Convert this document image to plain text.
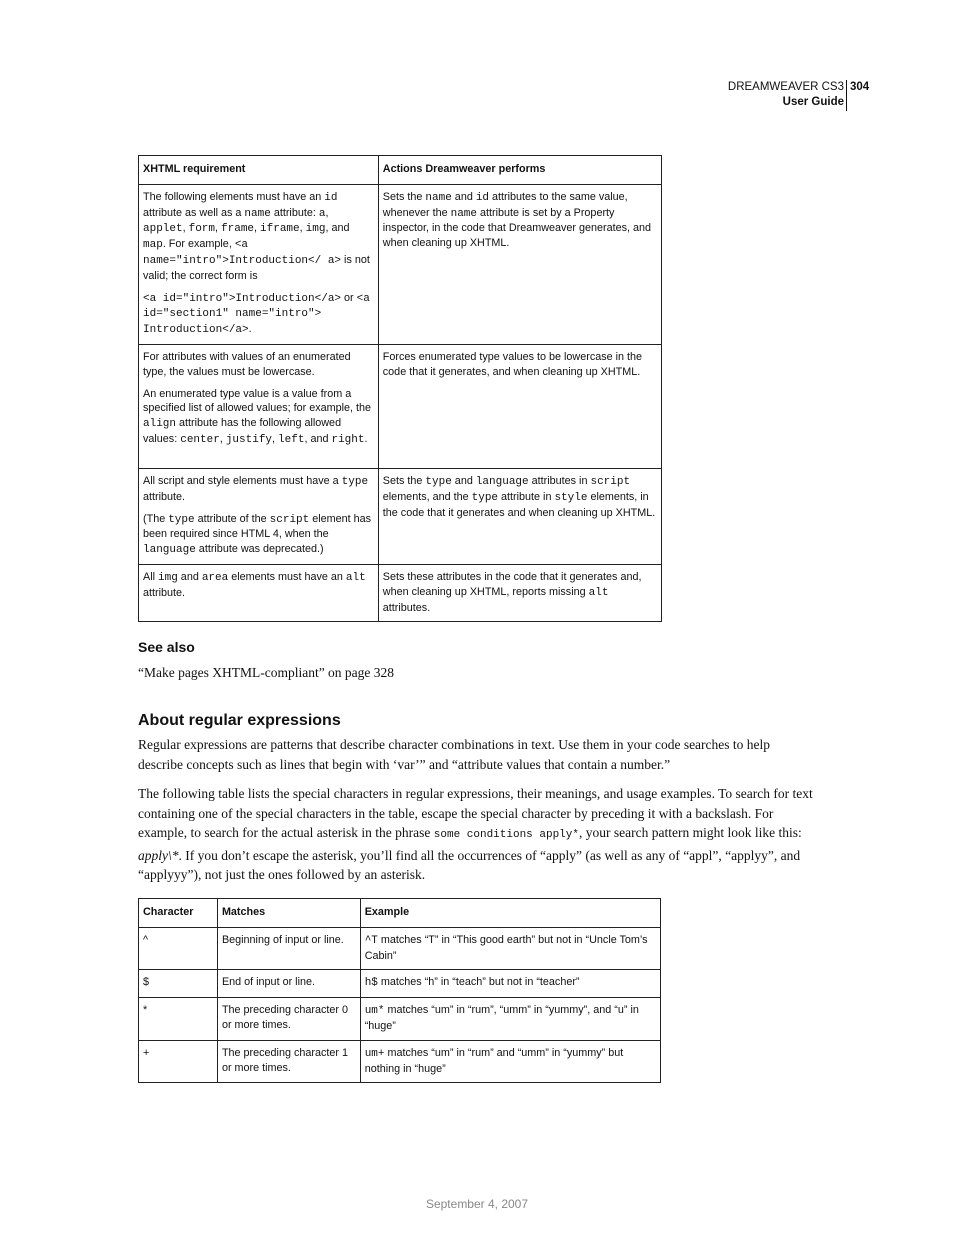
DREAMWEAVER CS3
User Guide
304
XHTML requirement	Actions Dreamweaver performs

The following elements must have an id attribute as well as a name attribute: a, applet, form, frame, iframe, img, and map. For example, <a name="intro">Introduction</ a> is not valid; the correct form is

<a id="intro">Introduction</a> or <a id="section1" name="intro"> Introduction</a>.	Sets the name and id attributes to the same value, whenever the name attribute is set by a Property inspector, in the code that Dreamweaver generates, and when cleaning up XHTML.

For attributes with values of an enumerated type, the values must be lowercase.

An enumerated type value is a value from a specified list of allowed values; for example, the align attribute has the following allowed values: center, justify, left, and right.	Forces enumerated type values to be lowercase in the code that it generates, and when cleaning up XHTML.

All script and style elements must have a type attribute.

(The type attribute of the script element has been required since HTML 4, when the language attribute was deprecated.)	Sets the type and language attributes in script elements, and the type attribute in style elements, in the code that it generates and when cleaning up XHTML.

All img and area elements must have an alt attribute.	Sets these attributes in the code that it generates and, when cleaning up XHTML, reports missing alt attributes.

See also
“Make pages XHTML-compliant” on page 328
About regular expressions

Regular expressions are patterns that describe character combinations in text. Use them in your code searches to help describe concepts such as lines that begin with ‘var’” and “attribute values that contain a number.”

The following table lists the special characters in regular expressions, their meanings, and usage examples. To search for text containing one of the special characters in the table, escape the special character by preceding it with a backslash. For example, to search for the actual asterisk in the phrase some conditions apply*, your search pattern might look like this: apply\*. If you don’t escape the asterisk, you’ll find all the occurrences of “apply” (as well as any of “appl”, “applyy”, and “applyyy”), not just the ones followed by an asterisk.

Character	Matches	Example
^	Beginning of input or line.	^T matches “T” in “This good earth” but not in “Uncle Tom’s Cabin”
$	End of input or line.	h$ matches “h” in “teach” but not in “teacher”
*	The preceding character 0 or more times.	um* matches “um” in “rum”, “umm” in “yummy”, and “u” in “huge”
+	The preceding character 1 or more times.	um+ matches “um” in “rum” and “umm” in “yummy” but nothing in “huge”
September 4, 2007
